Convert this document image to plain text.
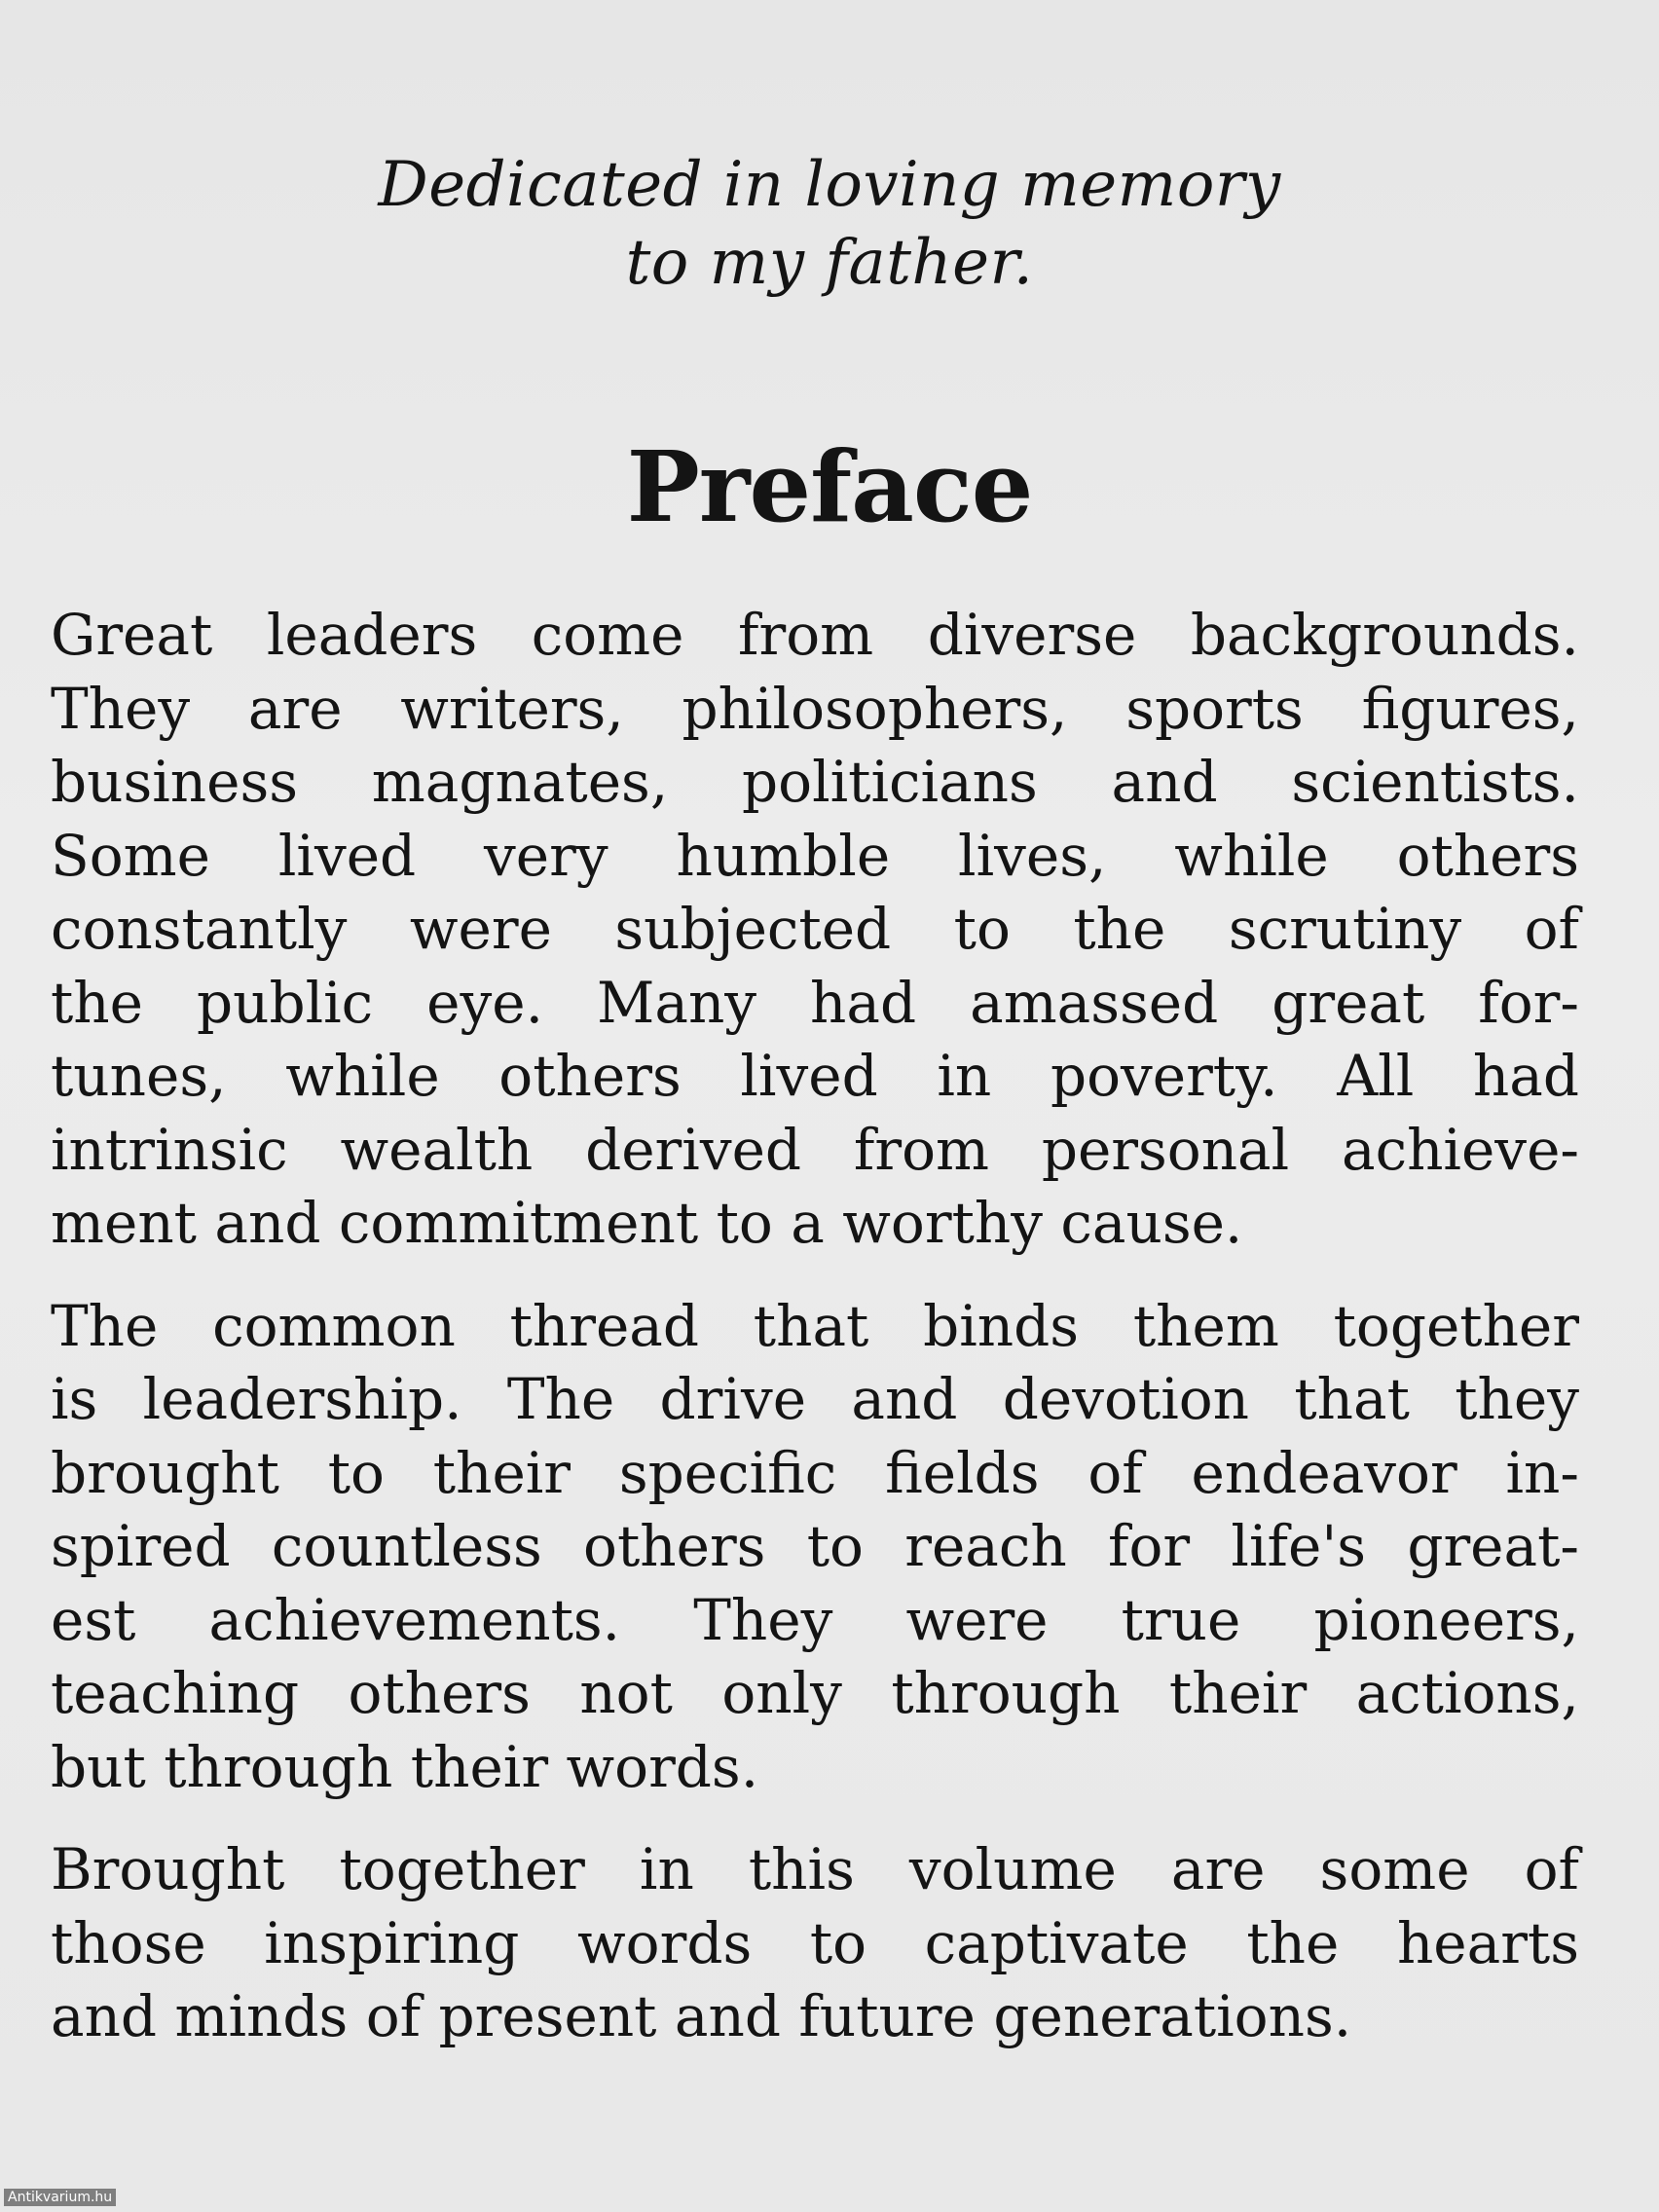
Dedicated in loving memory
to my father.
Preface
Great leaders come from diverse backgrounds.
They are writers, philosophers, sports figures,
business magnates, politicians and scientists.
Some lived very humble lives, while others
constantly were subjected to the scrutiny of
the public eye. Many had amassed great for-
tunes, while others lived in poverty. All had
intrinsic wealth derived from personal achieve-
ment and commitment to a worthy cause.
The common thread that binds them together
is leadership. The drive and devotion that they
brought to their specific fields of endeavor in-
spired countless others to reach for life's great-
est achievements. They were true pioneers,
teaching others not only through their actions,
but through their words.
Brought together in this volume are some of
those inspiring words to captivate the hearts
and minds of present and future generations.
Antikvarium.hu
